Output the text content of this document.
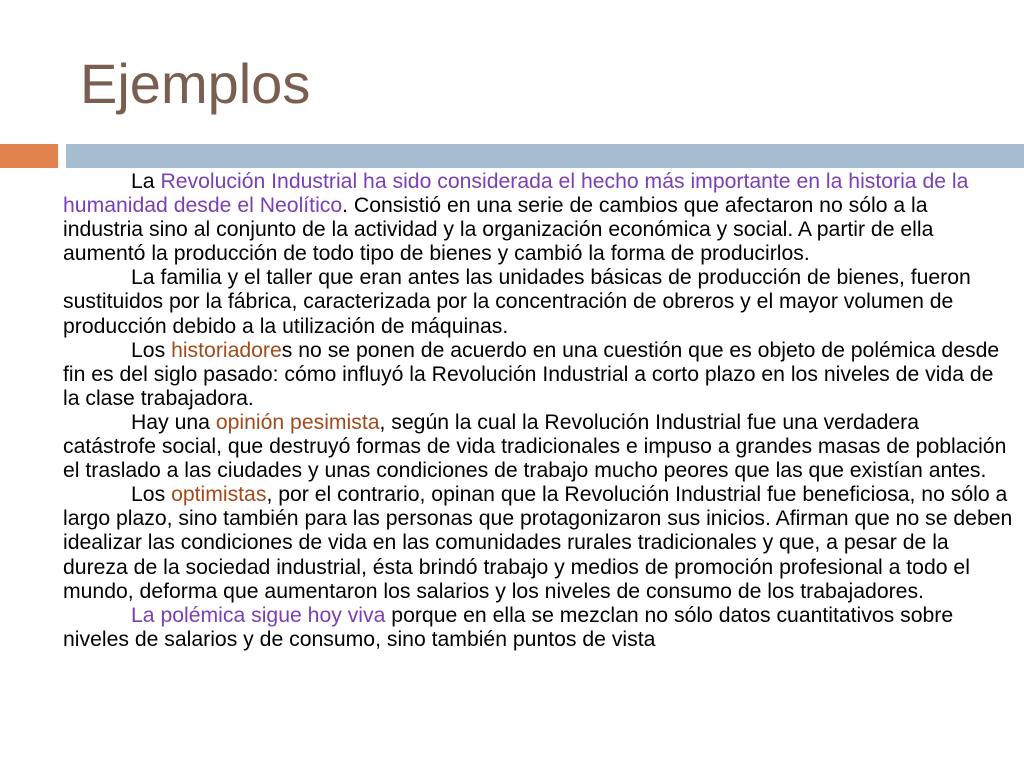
Ejemplos

La Revolución Industrial ha sido considerada el hecho más importante en la historia de la humanidad desde el Neolítico. Consistió en una serie de cambios que afectaron no sólo a la industria sino al conjunto de la actividad y la organización económica y social. A partir de ella aumentó la producción de todo tipo de bienes y cambió la forma de producirlos.

La familia y el taller que eran antes las unidades básicas de producción de bienes, fueron sustituidos por la fábrica, caracterizada por la concentración de obreros y el mayor volumen de producción debido a la utilización de máquinas.

Los historiadores no se ponen de acuerdo en una cuestión que es objeto de polémica desde fin es del siglo pasado: cómo influyó la Revolución Industrial a corto plazo en los niveles de vida de la clase trabajadora.

Hay una opinión pesimista, según la cual la Revolución Industrial fue una verdadera catástrofe social, que destruyó formas de vida tradicionales e impuso a grandes masas de población el traslado a las ciudades y unas condiciones de trabajo mucho peores que las que existían antes.

Los optimistas, por el contrario, opinan que la Revolución Industrial fue beneficiosa, no sólo a largo plazo, sino también para las personas que protagonizaron sus inicios. Afirman que no se deben idealizar las condiciones de vida en las comunidades rurales tradicionales y que, a pesar de la dureza de la sociedad industrial, ésta brindó trabajo y medios de promoción profesional a todo el mundo, deforma que aumentaron los salarios y los niveles de consumo de los trabajadores.

La polémica sigue hoy viva porque en ella se mezclan no sólo datos cuantitativos sobre niveles de salarios y de consumo, sino también puntos de vista
